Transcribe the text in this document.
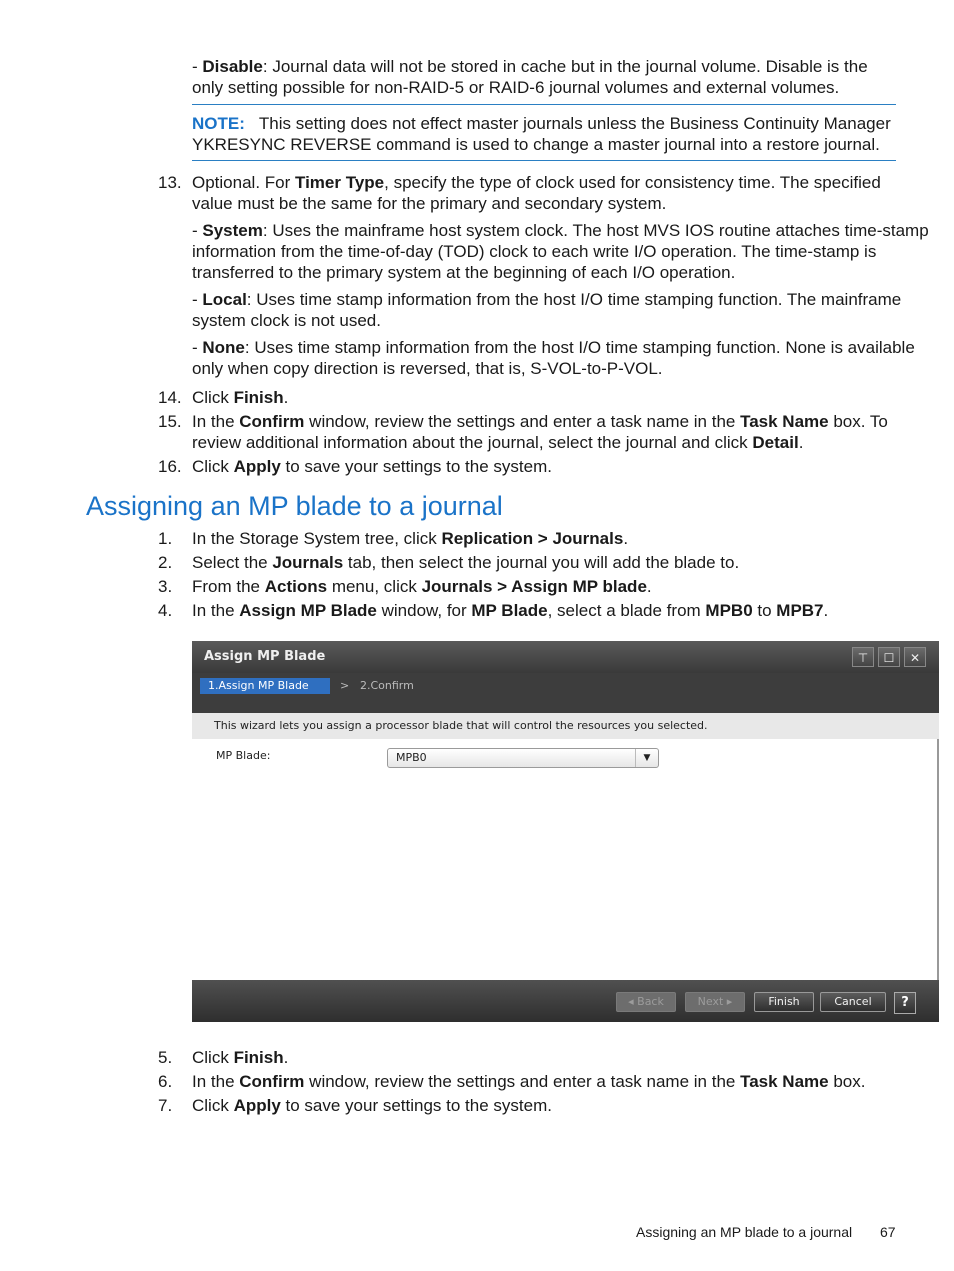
- Disable: Journal data will not be stored in cache but in the journal volume. Disable is the

only setting possible for non-RAID-5 or RAID-6 journal volumes and external volumes.

NOTE: This setting does not effect master journals unless the Business Continuity Manager

YKRESYNC REVERSE command is used to change a master journal into a restore journal.

13. Optional. For Timer Type, specify the type of clock used for consistency time. The specified

value must be the same for the primary and secondary system.

- System: Uses the mainframe host system clock. The host MVS IOS routine attaches time-stamp

information from the time-of-day (TOD) clock to each write I/O operation. The time-stamp is

transferred to the primary system at the beginning of each I/O operation.

- Local: Uses time stamp information from the host I/O time stamping function. The mainframe

system clock is not used.

- None: Uses time stamp information from the host I/O time stamping function. None is available

only when copy direction is reversed, that is, S-VOL-to-P-VOL.

14. Click Finish.

15. In the Confirm window, review the settings and enter a task name in the Task Name box. To

review additional information about the journal, select the journal and click Detail.

16. Click Apply to save your settings to the system.

Assigning an MP blade to a journal
1. In the Storage System tree, click Replication > Journals.

2. Select the Journals tab, then select the journal you will add the blade to.

3. From the Actions menu, click Journals > Assign MP blade.

4. In the Assign MP Blade window, for MP Blade, select a blade from MPB0 to MPB7.

Assign MP Blade	⊤	☐	✕
1.Assign MP Blade	> 2.Confirm
This wizard lets you assign a processor blade that will control the resources you selected.
MP Blade:	MPB0	▼
◂ Back	Next ▸	Finish	Cancel	?
5. Click Finish.

6. In the Confirm window, review the settings and enter a task name in the Task Name box.

7. Click Apply to save your settings to the system.

Assigning an MP blade to a journal 67
